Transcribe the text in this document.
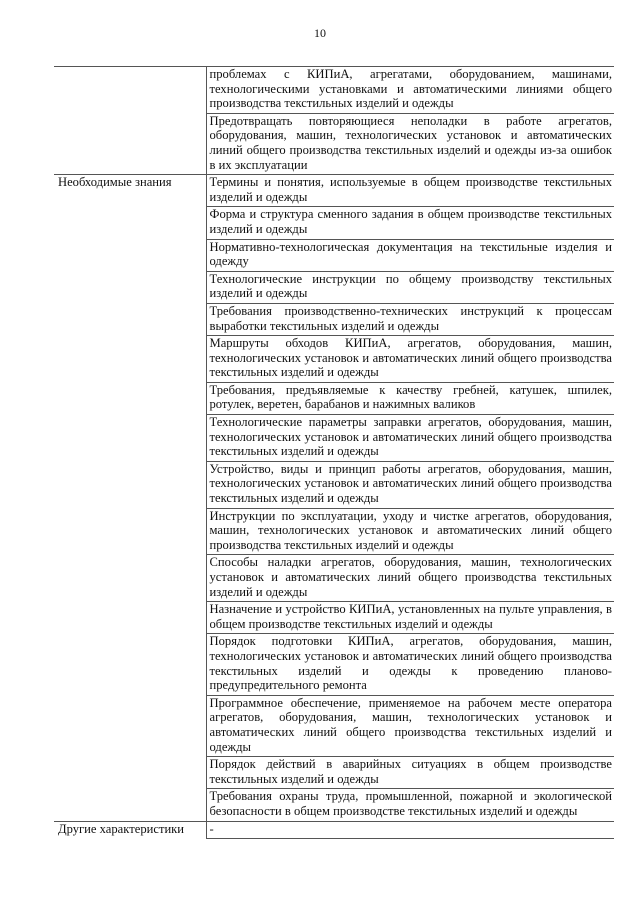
10
	проблемах с КИПиА, агрегатами, оборудованием, машинами, технологическими установками и автоматическими линиями общего производства текстильных изделий и одежды
	Предотвращать повторяющиеся неполадки в работе агрегатов, оборудования, машин, технологических установок и автоматических линий общего производства текстильных изделий и одежды из-за ошибок в их эксплуатации
Необходимые знания	Термины и понятия, используемые в общем производстве текстильных изделий и одежды
	Форма и структура сменного задания в общем производстве текстильных изделий и одежды
	Нормативно-технологическая документация на текстильные изделия и одежду
	Технологические инструкции по общему производству текстильных изделий и одежды
	Требования производственно-технических инструкций к процессам выработки текстильных изделий и одежды
	Маршруты обходов КИПиА, агрегатов, оборудования, машин, технологических установок и автоматических линий общего производства текстильных изделий и одежды
	Требования, предъявляемые к качеству гребней, катушек, шпилек, ротулек, веретен, барабанов и нажимных валиков
	Технологические параметры заправки агрегатов, оборудования, машин, технологических установок и автоматических линий общего производства текстильных изделий и одежды
	Устройство, виды и принцип работы агрегатов, оборудования, машин, технологических установок и автоматических линий общего производства текстильных изделий и одежды
	Инструкции по эксплуатации, уходу и чистке агрегатов, оборудования, машин, технологических установок и автоматических линий общего производства текстильных изделий и одежды
	Способы наладки агрегатов, оборудования, машин, технологических установок и автоматических линий общего производства текстильных изделий и одежды
	Назначение и устройство КИПиА, установленных на пульте управления, в общем производстве текстильных изделий и одежды
	Порядок подготовки КИПиА, агрегатов, оборудования, машин, технологических установок и автоматических линий общего производства текстильных изделий и одежды к проведению планово-предупредительного ремонта
	Программное обеспечение, применяемое на рабочем месте оператора агрегатов, оборудования, машин, технологических установок и автоматических линий общего производства текстильных изделий и одежды
	Порядок действий в аварийных ситуациях в общем производстве текстильных изделий и одежды
	Требования охраны труда, промышленной, пожарной и экологической безопасности в общем производстве текстильных изделий и одежды
Другие характеристики	-
